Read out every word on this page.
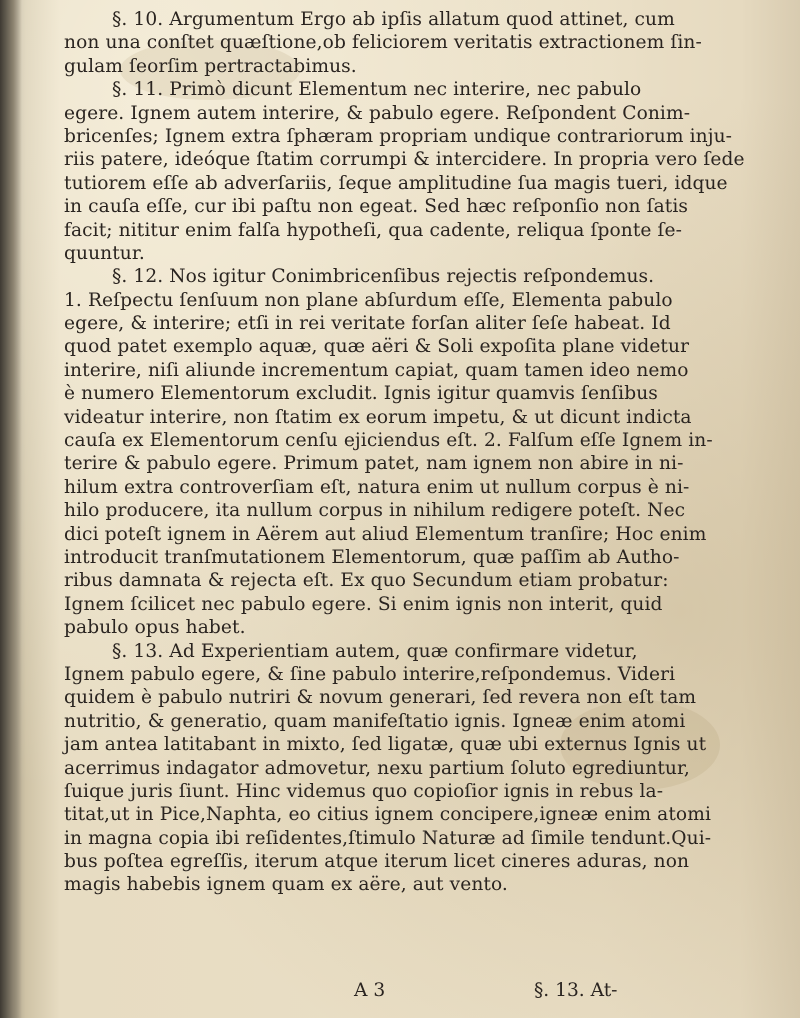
§. 10. Argumentum Ergo ab ipſis allatum quod attinet, cum
non una conſtet quæſtione,ob feliciorem veritatis extractionem ſin-
gulam ſeorſim pertractabimus.
§. 11. Primò dicunt Elementum nec interire, nec pabulo
egere. Ignem autem interire, & pabulo egere. Reſpondent Conim-
bricenſes; Ignem extra ſphæram propriam undique contrariorum inju-
riis patere, ideóque ſtatim corrumpi & intercidere. In propria vero ſede
tutiorem eſſe ab adverſariis, ſeque amplitudine ſua magis tueri, idque
in cauſa eſſe, cur ibi paſtu non egeat. Sed hæc reſponſio non ſatis
facit; nititur enim falſa hypotheſi, qua cadente, reliqua ſponte ſe-
quuntur.
§. 12. Nos igitur Conimbricenſibus rejectis reſpondemus.
1. Reſpectu ſenſuum non plane abſurdum eſſe, Elementa pabulo
egere, & interire; etſi in rei veritate forſan aliter ſeſe habeat. Id
quod patet exemplo aquæ, quæ aëri & Soli expoſita plane videtur
interire, niſi aliunde incrementum capiat, quam tamen ideo nemo
è numero Elementorum excludit. Ignis igitur quamvis ſenſibus
videatur interire, non ſtatim ex eorum impetu, & ut dicunt indicta
cauſa ex Elementorum cenſu ejiciendus eſt. 2. Falſum eſſe Ignem in-
terire & pabulo egere. Primum patet, nam ignem non abire in ni-
hilum extra controverſiam eſt, natura enim ut nullum corpus è ni-
hilo producere, ita nullum corpus in nihilum redigere poteſt. Nec
dici poteſt ignem in Aërem aut aliud Elementum tranſire; Hoc enim
introducit tranſmutationem Elementorum, quæ paſſim ab Autho-
ribus damnata & rejecta eſt. Ex quo Secundum etiam probatur:
Ignem ſcilicet nec pabulo egere. Si enim ignis non interit, quid
pabulo opus habet.
§. 13. Ad Experientiam autem, quæ confirmare videtur,
Ignem pabulo egere, & ſine pabulo interire,reſpondemus. Videri
quidem è pabulo nutriri & novum generari, ſed revera non eſt tam
nutritio, & generatio, quam manifeſtatio ignis. Igneæ enim atomi
jam antea latitabant in mixto, ſed ligatæ, quæ ubi externus Ignis ut
acerrimus indagator admovetur, nexu partium ſoluto egrediuntur,
ſuique juris ſiunt. Hinc videmus quo copioſior ignis in rebus la-
titat,ut in Pice,Naphta, eo citius ignem concipere,igneæ enim atomi
in magna copia ibi reſidentes,ſtimulo Naturæ ad ſimile tendunt.Qui-
bus poſtea egreſſis, iterum atque iterum licet cineres aduras, non
magis habebis ignem quam ex aëre, aut vento.
A 3	§. 13. At-
